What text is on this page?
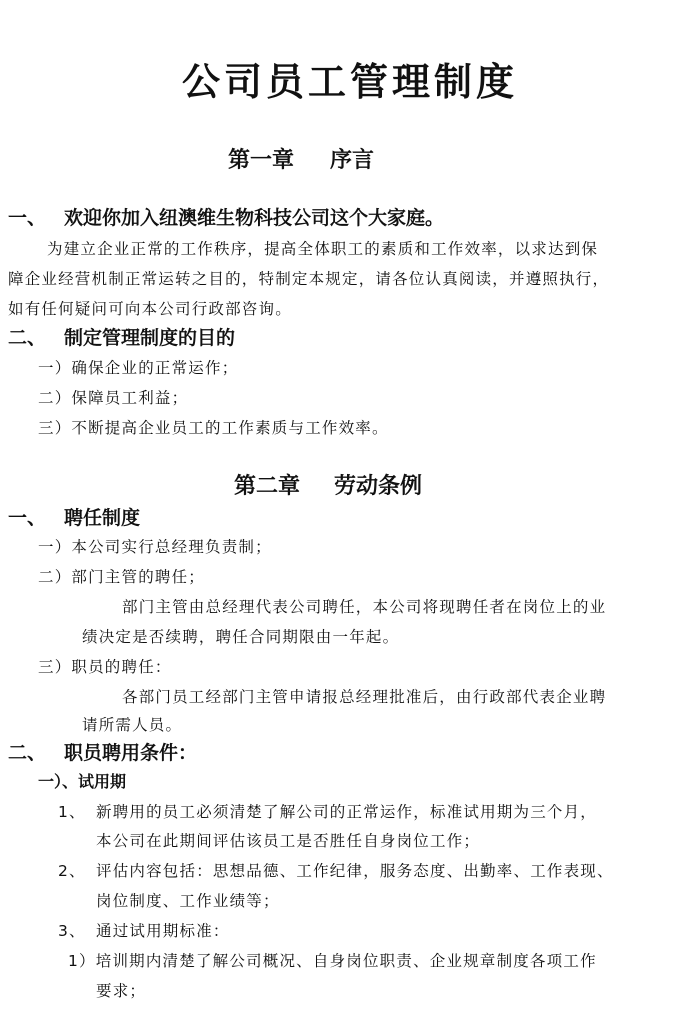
公司员工管理制度
第一章 序言
一、 欢迎你加入纽澳维生物科技公司这个大家庭。
为建立企业正常的工作秩序，提高全体职工的素质和工作效率，以求达到保
障企业经营机制正常运转之目的，特制定本规定，请各位认真阅读，并遵照执行，
如有任何疑问可向本公司行政部咨询。
二、 制定管理制度的目的
一）确保企业的正常运作；
二）保障员工利益；
三）不断提高企业员工的工作素质与工作效率。
第二章 劳动条例
一、 聘任制度
一）本公司实行总经理负责制；
二）部门主管的聘任；
部门主管由总经理代表公司聘任，本公司将现聘任者在岗位上的业
绩决定是否续聘，聘任合同期限由一年起。
三）职员的聘任：
各部门员工经部门主管申请报总经理批准后，由行政部代表企业聘
请所需人员。
二、 职员聘用条件：
一）、试用期
1、 新聘用的员工必须清楚了解公司的正常运作，标准试用期为三个月，
本公司在此期间评估该员工是否胜任自身岗位工作；
2、 评估内容包括：思想品德、工作纪律，服务态度、出勤率、工作表现、
岗位制度、工作业绩等；
3、 通过试用期标准：
1）培训期内清楚了解公司概况、自身岗位职责、企业规章制度各项工作
要求；
